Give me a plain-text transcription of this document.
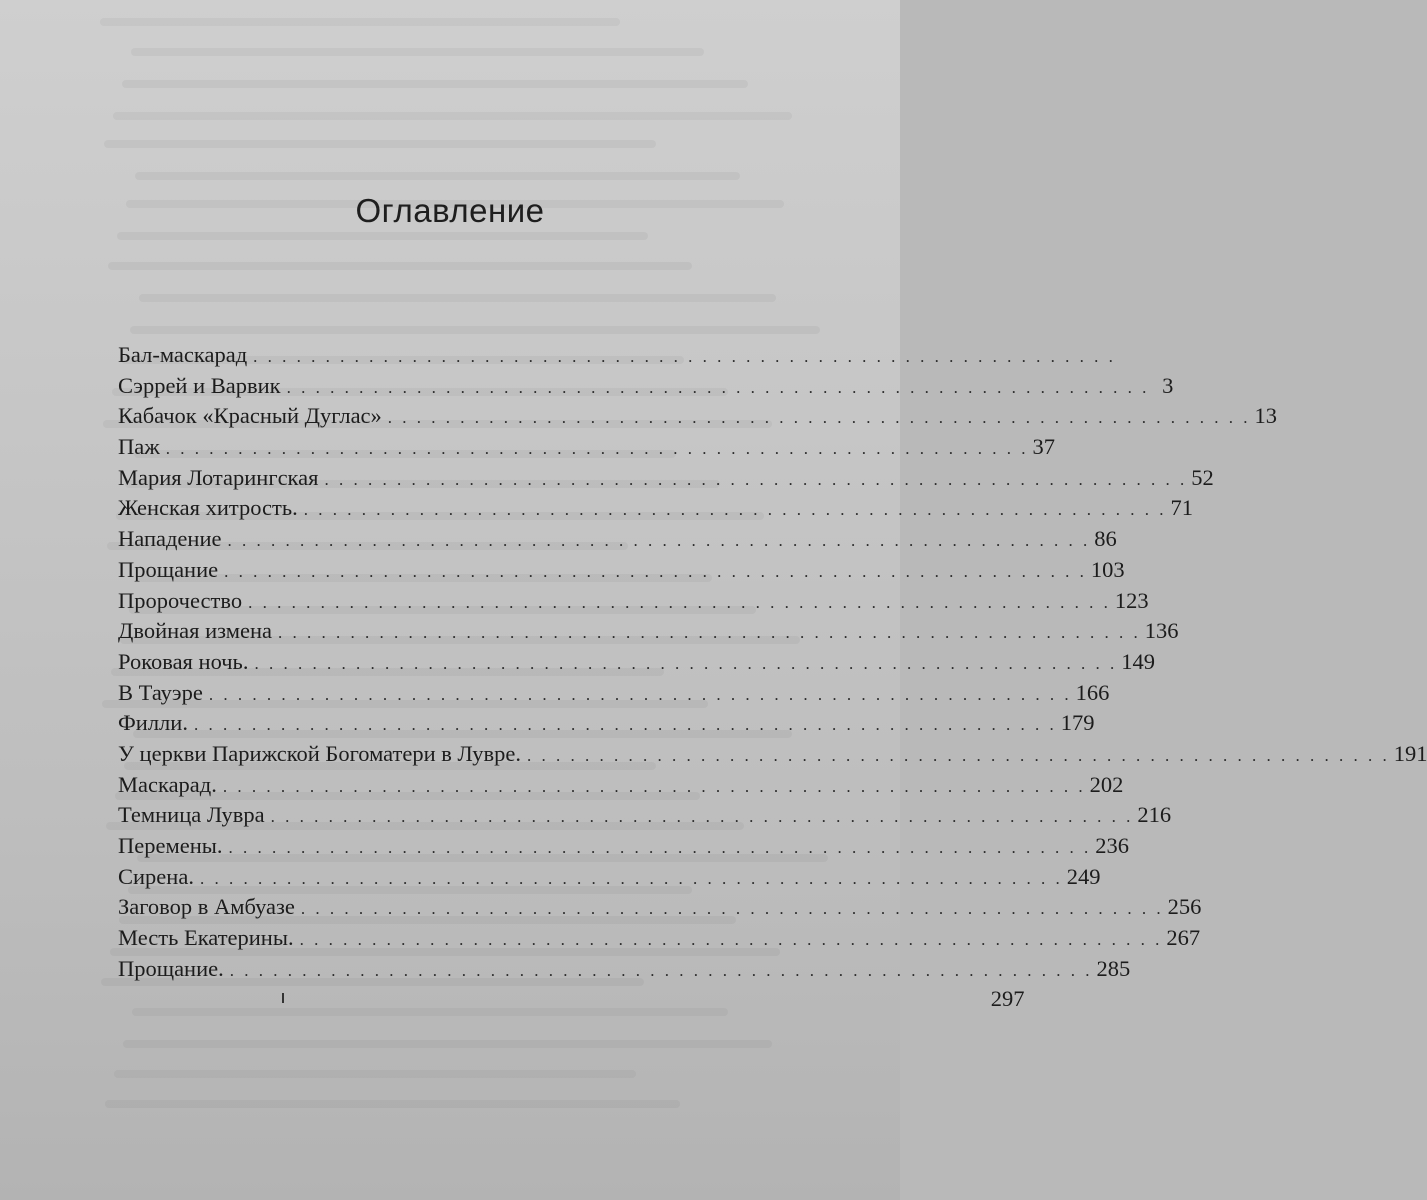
Оглавление
Бал-маскарад . . . . . . . . . . . . . . . . . . . . . . . . . . . . . . . . . . . . . . . . . . . . . . . . . . . . . . . . . . . .
Сэррей и Варвик . . . . . . . . . . . . . . . . . . . . . . . . . . . . . . . . . . . . . . . . . . . . . . . . . . . . . . . . . . . . 3
Кабачок «Красный Дуглас» . . . . . . . . . . . . . . . . . . . . . . . . . . . . . . . . . . . . . . . . . . . . . . . . . . . . . . . . . . . . 13
Паж . . . . . . . . . . . . . . . . . . . . . . . . . . . . . . . . . . . . . . . . . . . . . . . . . . . . . . . . . . . . 37
Мария Лотарингская . . . . . . . . . . . . . . . . . . . . . . . . . . . . . . . . . . . . . . . . . . . . . . . . . . . . . . . . . . . . 52
Женская хитрость. . . . . . . . . . . . . . . . . . . . . . . . . . . . . . . . . . . . . . . . . . . . . . . . . . . . . . . . . . . . . 71
Нападение . . . . . . . . . . . . . . . . . . . . . . . . . . . . . . . . . . . . . . . . . . . . . . . . . . . . . . . . . . . . 86
Прощание . . . . . . . . . . . . . . . . . . . . . . . . . . . . . . . . . . . . . . . . . . . . . . . . . . . . . . . . . . . . 103
Пророчество . . . . . . . . . . . . . . . . . . . . . . . . . . . . . . . . . . . . . . . . . . . . . . . . . . . . . . . . . . . . 123
Двойная измена . . . . . . . . . . . . . . . . . . . . . . . . . . . . . . . . . . . . . . . . . . . . . . . . . . . . . . . . . . . . 136
Роковая ночь. . . . . . . . . . . . . . . . . . . . . . . . . . . . . . . . . . . . . . . . . . . . . . . . . . . . . . . . . . . . . 149
В Тауэре . . . . . . . . . . . . . . . . . . . . . . . . . . . . . . . . . . . . . . . . . . . . . . . . . . . . . . . . . . . . 166
Филли. . . . . . . . . . . . . . . . . . . . . . . . . . . . . . . . . . . . . . . . . . . . . . . . . . . . . . . . . . . . . 179
У церкви Парижской Богоматери в Лувре. . . . . . . . . . . . . . . . . . . . . . . . . . . . . . . . . . . . . . . . . . . . . . . . . . . . . . . . . . . . . 191
Маскарад. . . . . . . . . . . . . . . . . . . . . . . . . . . . . . . . . . . . . . . . . . . . . . . . . . . . . . . . . . . . . 202
Темница Лувра . . . . . . . . . . . . . . . . . . . . . . . . . . . . . . . . . . . . . . . . . . . . . . . . . . . . . . . . . . . . 216
Перемены. . . . . . . . . . . . . . . . . . . . . . . . . . . . . . . . . . . . . . . . . . . . . . . . . . . . . . . . . . . . . 236
Сирена. . . . . . . . . . . . . . . . . . . . . . . . . . . . . . . . . . . . . . . . . . . . . . . . . . . . . . . . . . . . . 249
Заговор в Амбуазе . . . . . . . . . . . . . . . . . . . . . . . . . . . . . . . . . . . . . . . . . . . . . . . . . . . . . . . . . . . . 256
Месть Екатерины. . . . . . . . . . . . . . . . . . . . . . . . . . . . . . . . . . . . . . . . . . . . . . . . . . . . . . . . . . . . . 267
Прощание. . . . . . . . . . . . . . . . . . . . . . . . . . . . . . . . . . . . . . . . . . . . . . . . . . . . . . . . . . . . . 285
297
